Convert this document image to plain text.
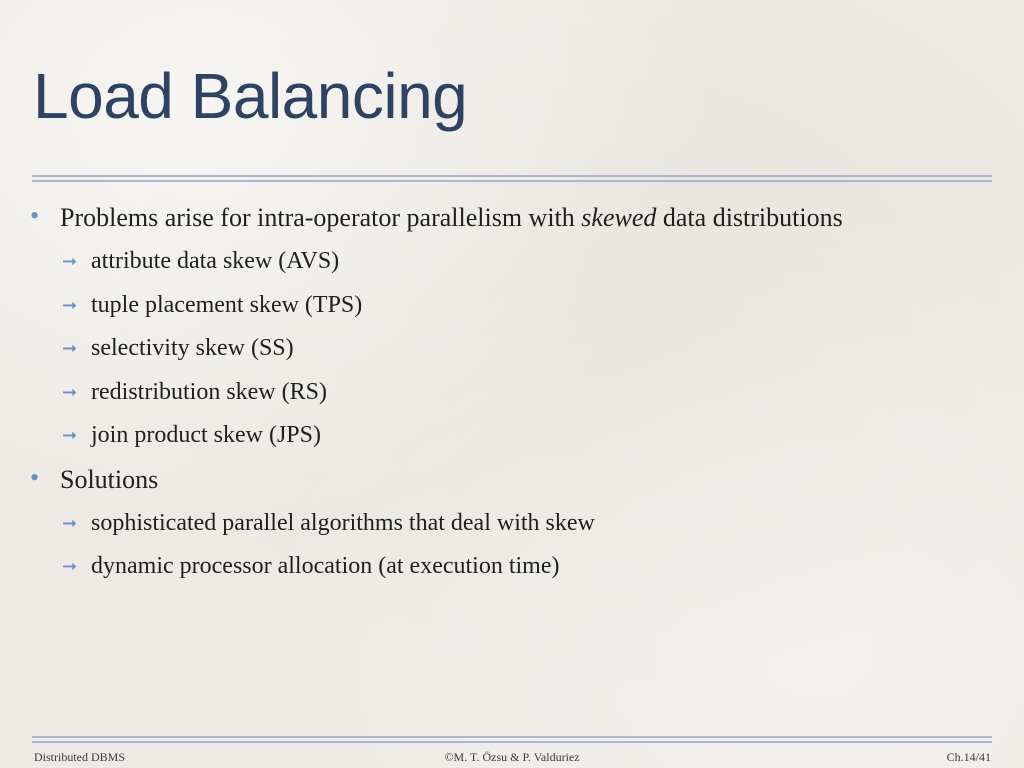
Load Balancing
• Problems arise for intra-operator parallelism with skewed data distributions
➞ attribute data skew (AVS)
➞ tuple placement skew (TPS)
➞ selectivity skew (SS)
➞ redistribution skew (RS)
➞ join product skew (JPS)
• Solutions
➞ sophisticated parallel algorithms that deal with skew
➞ dynamic processor allocation (at execution time)
Distributed DBMS	©M. T. Özsu & P. Valduriez	Ch.14/41
